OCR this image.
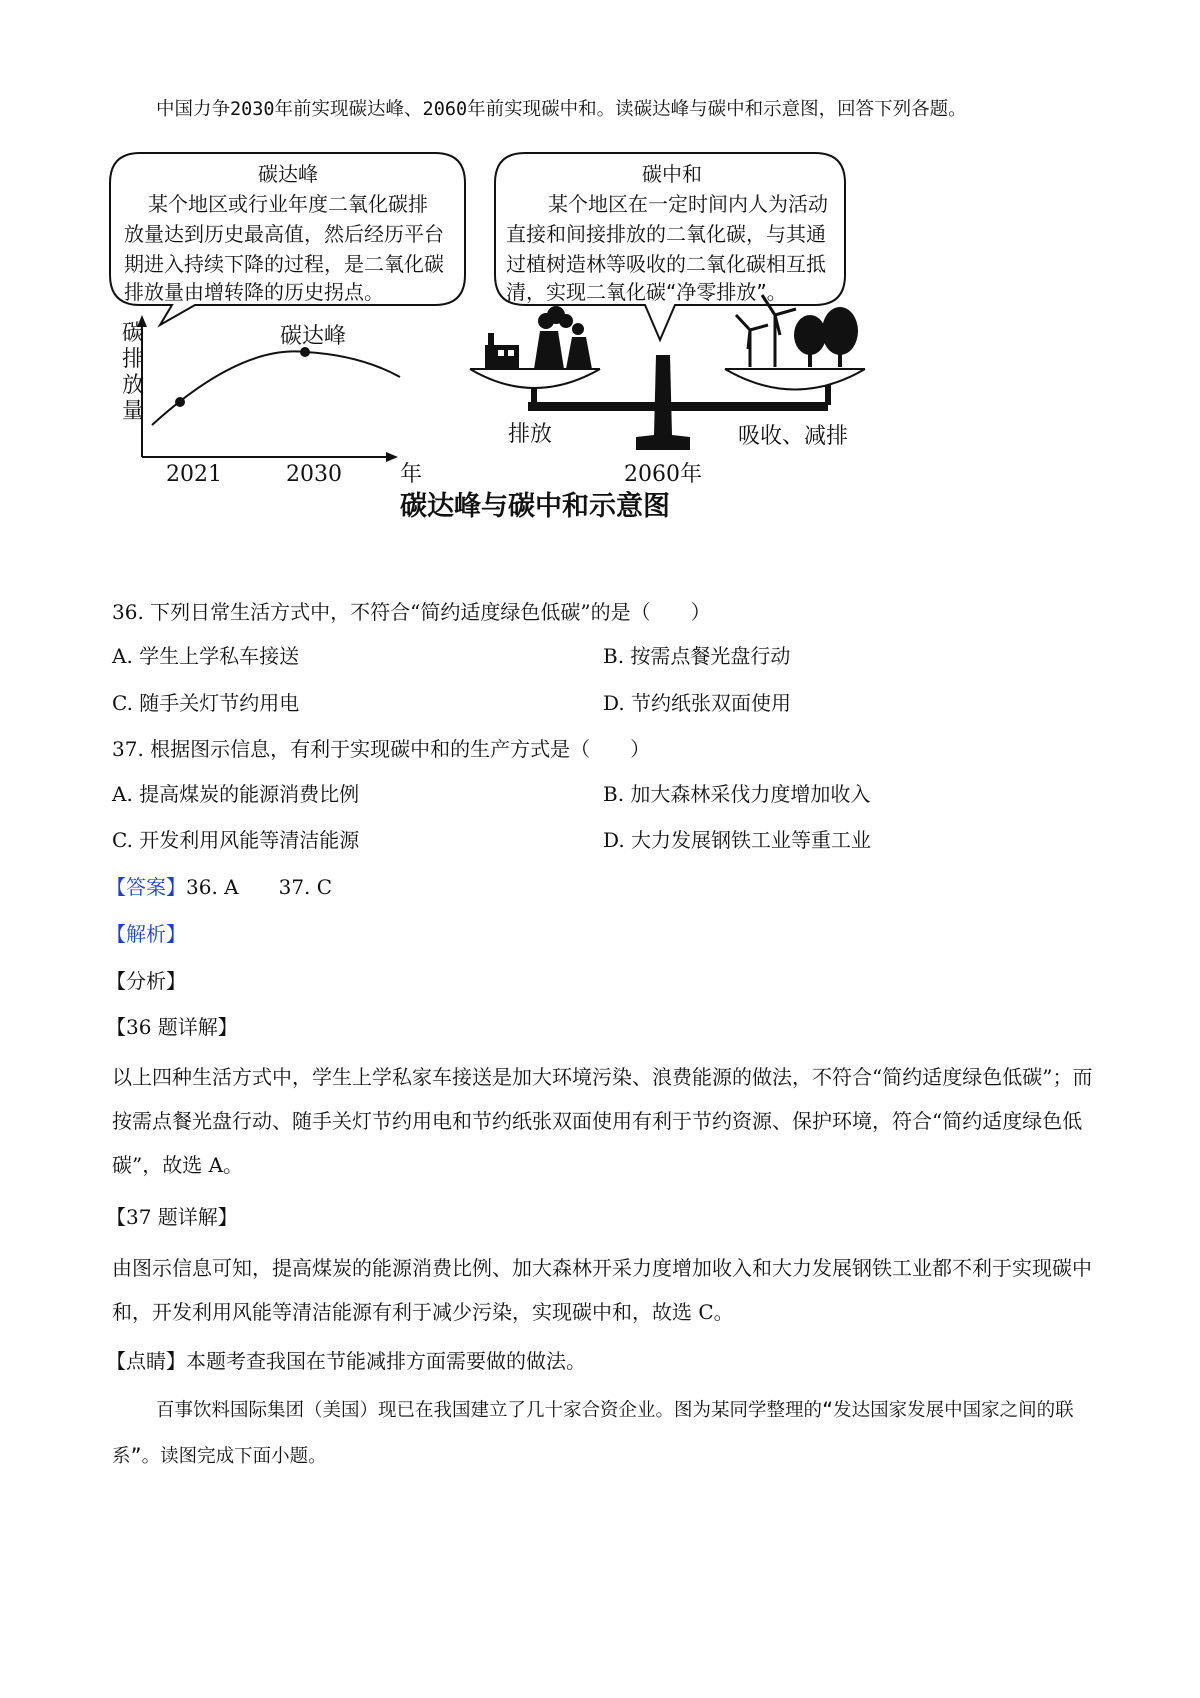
中国力争2030年前实现碳达峰、2060年前实现碳中和。读碳达峰与碳中和示意图，回答下列各题。
碳达峰
某个地区或行业年度二氧化碳排
放量达到历史最高值，然后经历平台
期进入持续下降的过程，是二氧化碳
排放量由增转降的历史拐点。
碳中和
某个地区在一定时间内人为活动
直接和间接排放的二氧化碳，与其通
过植树造林等吸收的二氧化碳相互抵
清，实现二氧化碳“净零排放”。
碳
排
放
量
碳达峰
2021	2030	年
排放	吸收、减排
2060年
碳达峰与碳中和示意图
36. 下列日常生活方式中，不符合“简约适度绿色低碳”的是（　　）
A. 学生上学私车接送	B. 按需点餐光盘行动
C. 随手关灯节约用电	D. 节约纸张双面使用
37. 根据图示信息，有利于实现碳中和的生产方式是（　　）
A. 提高煤炭的能源消费比例	B. 加大森林采伐力度增加收入
C. 开发利用风能等清洁能源	D. 大力发展钢铁工业等重工业
【答案】36. A　　37. C
【解析】
【分析】
【36 题详解】
以上四种生活方式中，学生上学私家车接送是加大环境污染、浪费能源的做法，不符合“简约适度绿色低碳”；而按需点餐光盘行动、随手关灯节约用电和节约纸张双面使用有利于节约资源、保护环境，符合“简约适度绿色低碳”，故选 A。
【37 题详解】
由图示信息可知，提高煤炭的能源消费比例、加大森林开采力度增加收入和大力发展钢铁工业都不利于实现碳中和，开发利用风能等清洁能源有利于减少污染，实现碳中和，故选 C。
【点睛】本题考查我国在节能减排方面需要做的做法。
百事饮料国际集团（美国）现已在我国建立了几十家合资企业。图为某同学整理的“发达国家发展中国家之间的联系”。读图完成下面小题。
